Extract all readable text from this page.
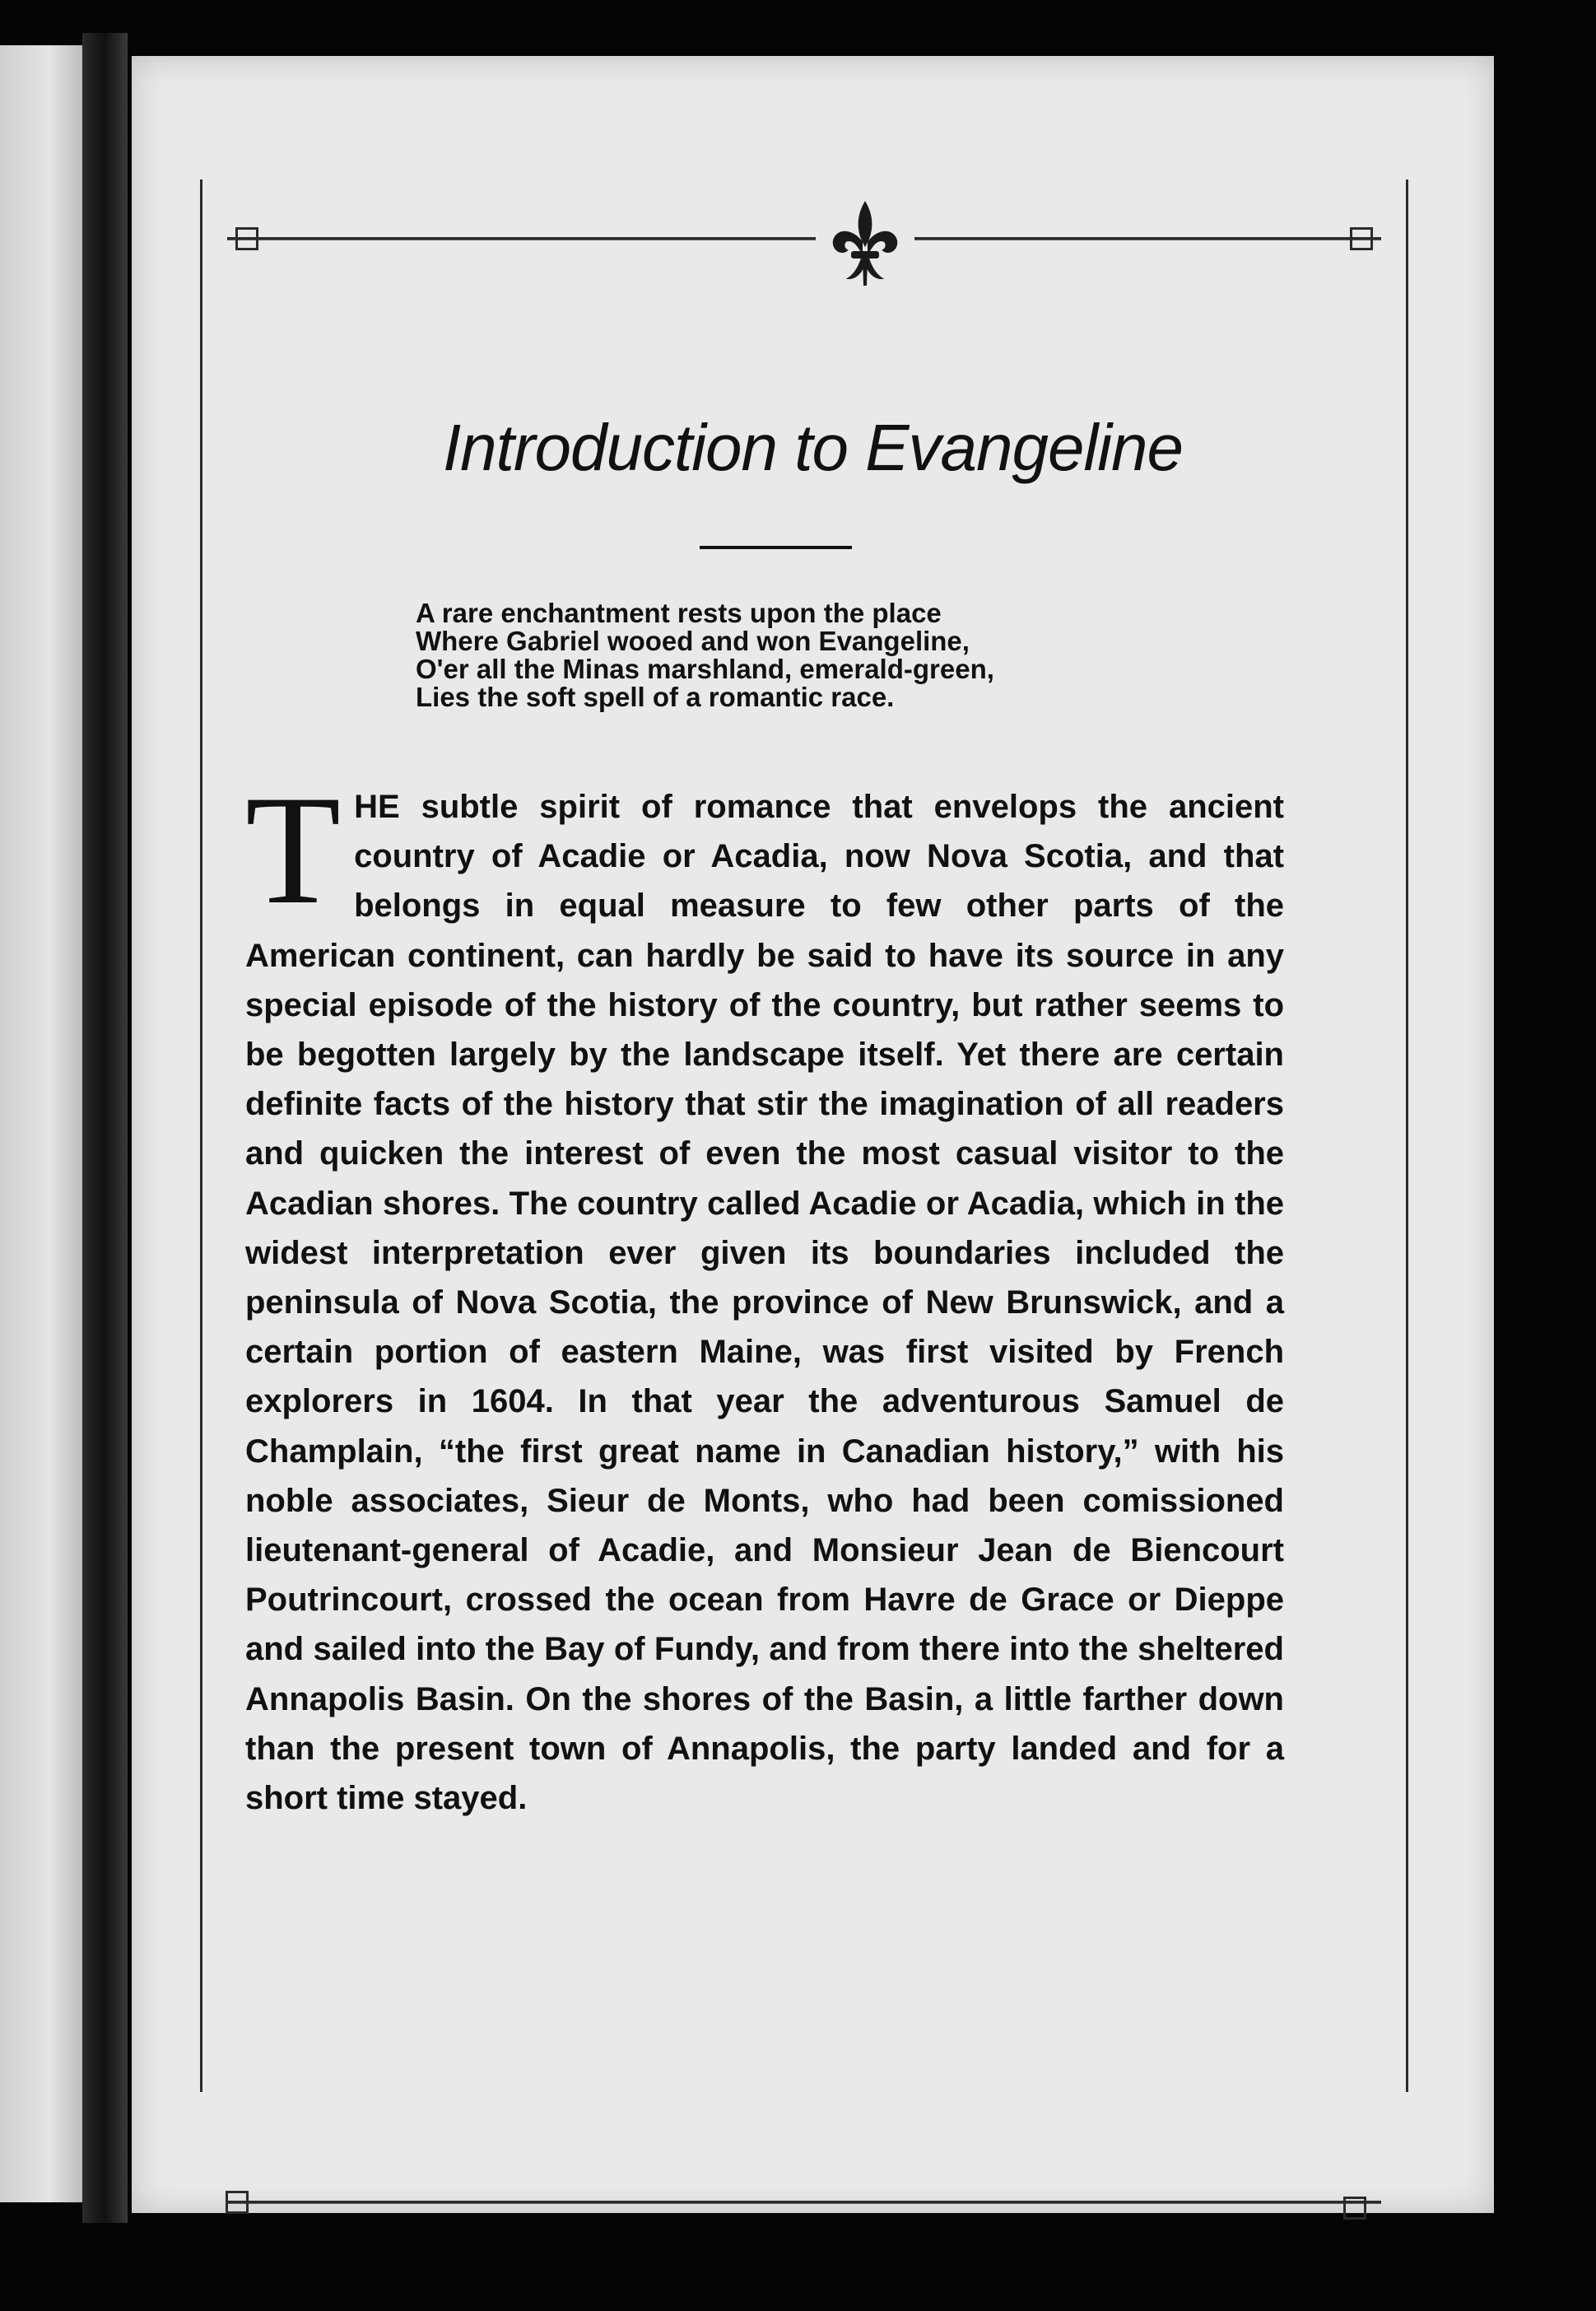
Introduction to Evangeline
A rare enchantment rests upon the place
Where Gabriel wooed and won Evangeline,
O'er all the Minas marshland, emerald-green,
Lies the soft spell of a romantic race.
T HE subtle spirit of romance that envelops the ancient country of Acadie or Acadia, now Nova Scotia, and that belongs in equal measure to few other parts of the American continent, can hardly be said to have its source in any special episode of the history of the country, but rather seems to be begotten largely by the landscape itself. Yet there are certain definite facts of the history that stir the imagination of all readers and quicken the interest of even the most casual visitor to the Acadian shores. The country called Acadie or Acadia, which in the widest interpretation ever given its boundaries included the peninsula of Nova Scotia, the province of New Brunswick, and a certain portion of eastern Maine, was first visited by French explorers in 1604. In that year the adventurous Samuel de Champlain, “the first great name in Canadian history,” with his noble associates, Sieur de Monts, who had been comissioned lieutenant-general of Acadie, and Monsieur Jean de Biencourt Poutrincourt, crossed the ocean from Havre de Grace or Dieppe and sailed into the Bay of Fundy, and from there into the sheltered Annapolis Basin. On the shores of the Basin, a little farther down than the present town of Annapolis, the party landed and for a short time stayed.
